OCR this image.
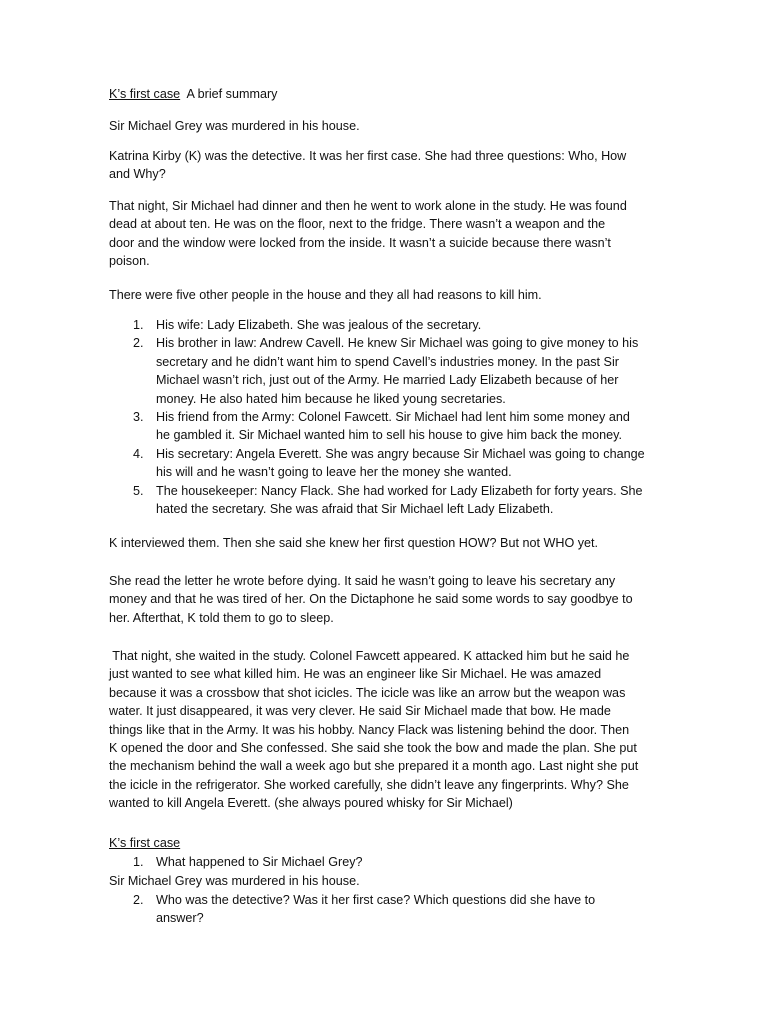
K’s first case  A brief summary

Sir Michael Grey was murdered in his house.

Katrina Kirby (K) was the detective. It was her first case. She had three questions: Who, How
and Why?

That night, Sir Michael had dinner and then he went to work alone in the study. He was found
dead at about ten. He was on the floor, next to the fridge. There wasn’t a weapon and the
door and the window were locked from the inside. It wasn’t a suicide because there wasn’t
poison.

There were five other people in the house and they all had reasons to kill him.

1. His wife: Lady Elizabeth. She was jealous of the secretary.
2. His brother in law: Andrew Cavell. He knew Sir Michael was going to give money to his
secretary and he didn’t want him to spend Cavell’s industries money. In the past Sir
Michael wasn’t rich, just out of the Army. He married Lady Elizabeth because of her
money. He also hated him because he liked young secretaries.
3. His friend from the Army: Colonel Fawcett. Sir Michael had lent him some money and
he gambled it. Sir Michael wanted him to sell his house to give him back the money.
4. His secretary: Angela Everett. She was angry because Sir Michael was going to change
his will and he wasn’t going to leave her the money she wanted.
5. The housekeeper: Nancy Flack. She had worked for Lady Elizabeth for forty years. She
hated the secretary. She was afraid that Sir Michael left Lady Elizabeth.

K interviewed them. Then she said she knew her first question HOW? But not WHO yet.

She read the letter he wrote before dying. It said he wasn’t going to leave his secretary any
money and that he was tired of her. On the Dictaphone he said some words to say goodbye to
her. Afterthat, K told them to go to sleep.

That night, she waited in the study. Colonel Fawcett appeared. K attacked him but he said he
just wanted to see what killed him. He was an engineer like Sir Michael. He was amazed
because it was a crossbow that shot icicles. The icicle was like an arrow but the weapon was
water. It just disappeared, it was very clever. He said Sir Michael made that bow. He made
things like that in the Army. It was his hobby. Nancy Flack was listening behind the door. Then
K opened the door and She confessed. She said she took the bow and made the plan. She put
the mechanism behind the wall a week ago but she prepared it a month ago. Last night she put
the icicle in the refrigerator. She worked carefully, she didn’t leave any fingerprints. Why? She
wanted to kill Angela Everett. (she always poured whisky for Sir Michael)

K’s first case

1. What happened to Sir Michael Grey?

Sir Michael Grey was murdered in his house.

2. Who was the detective? Was it her first case? Which questions did she have to
answer?
